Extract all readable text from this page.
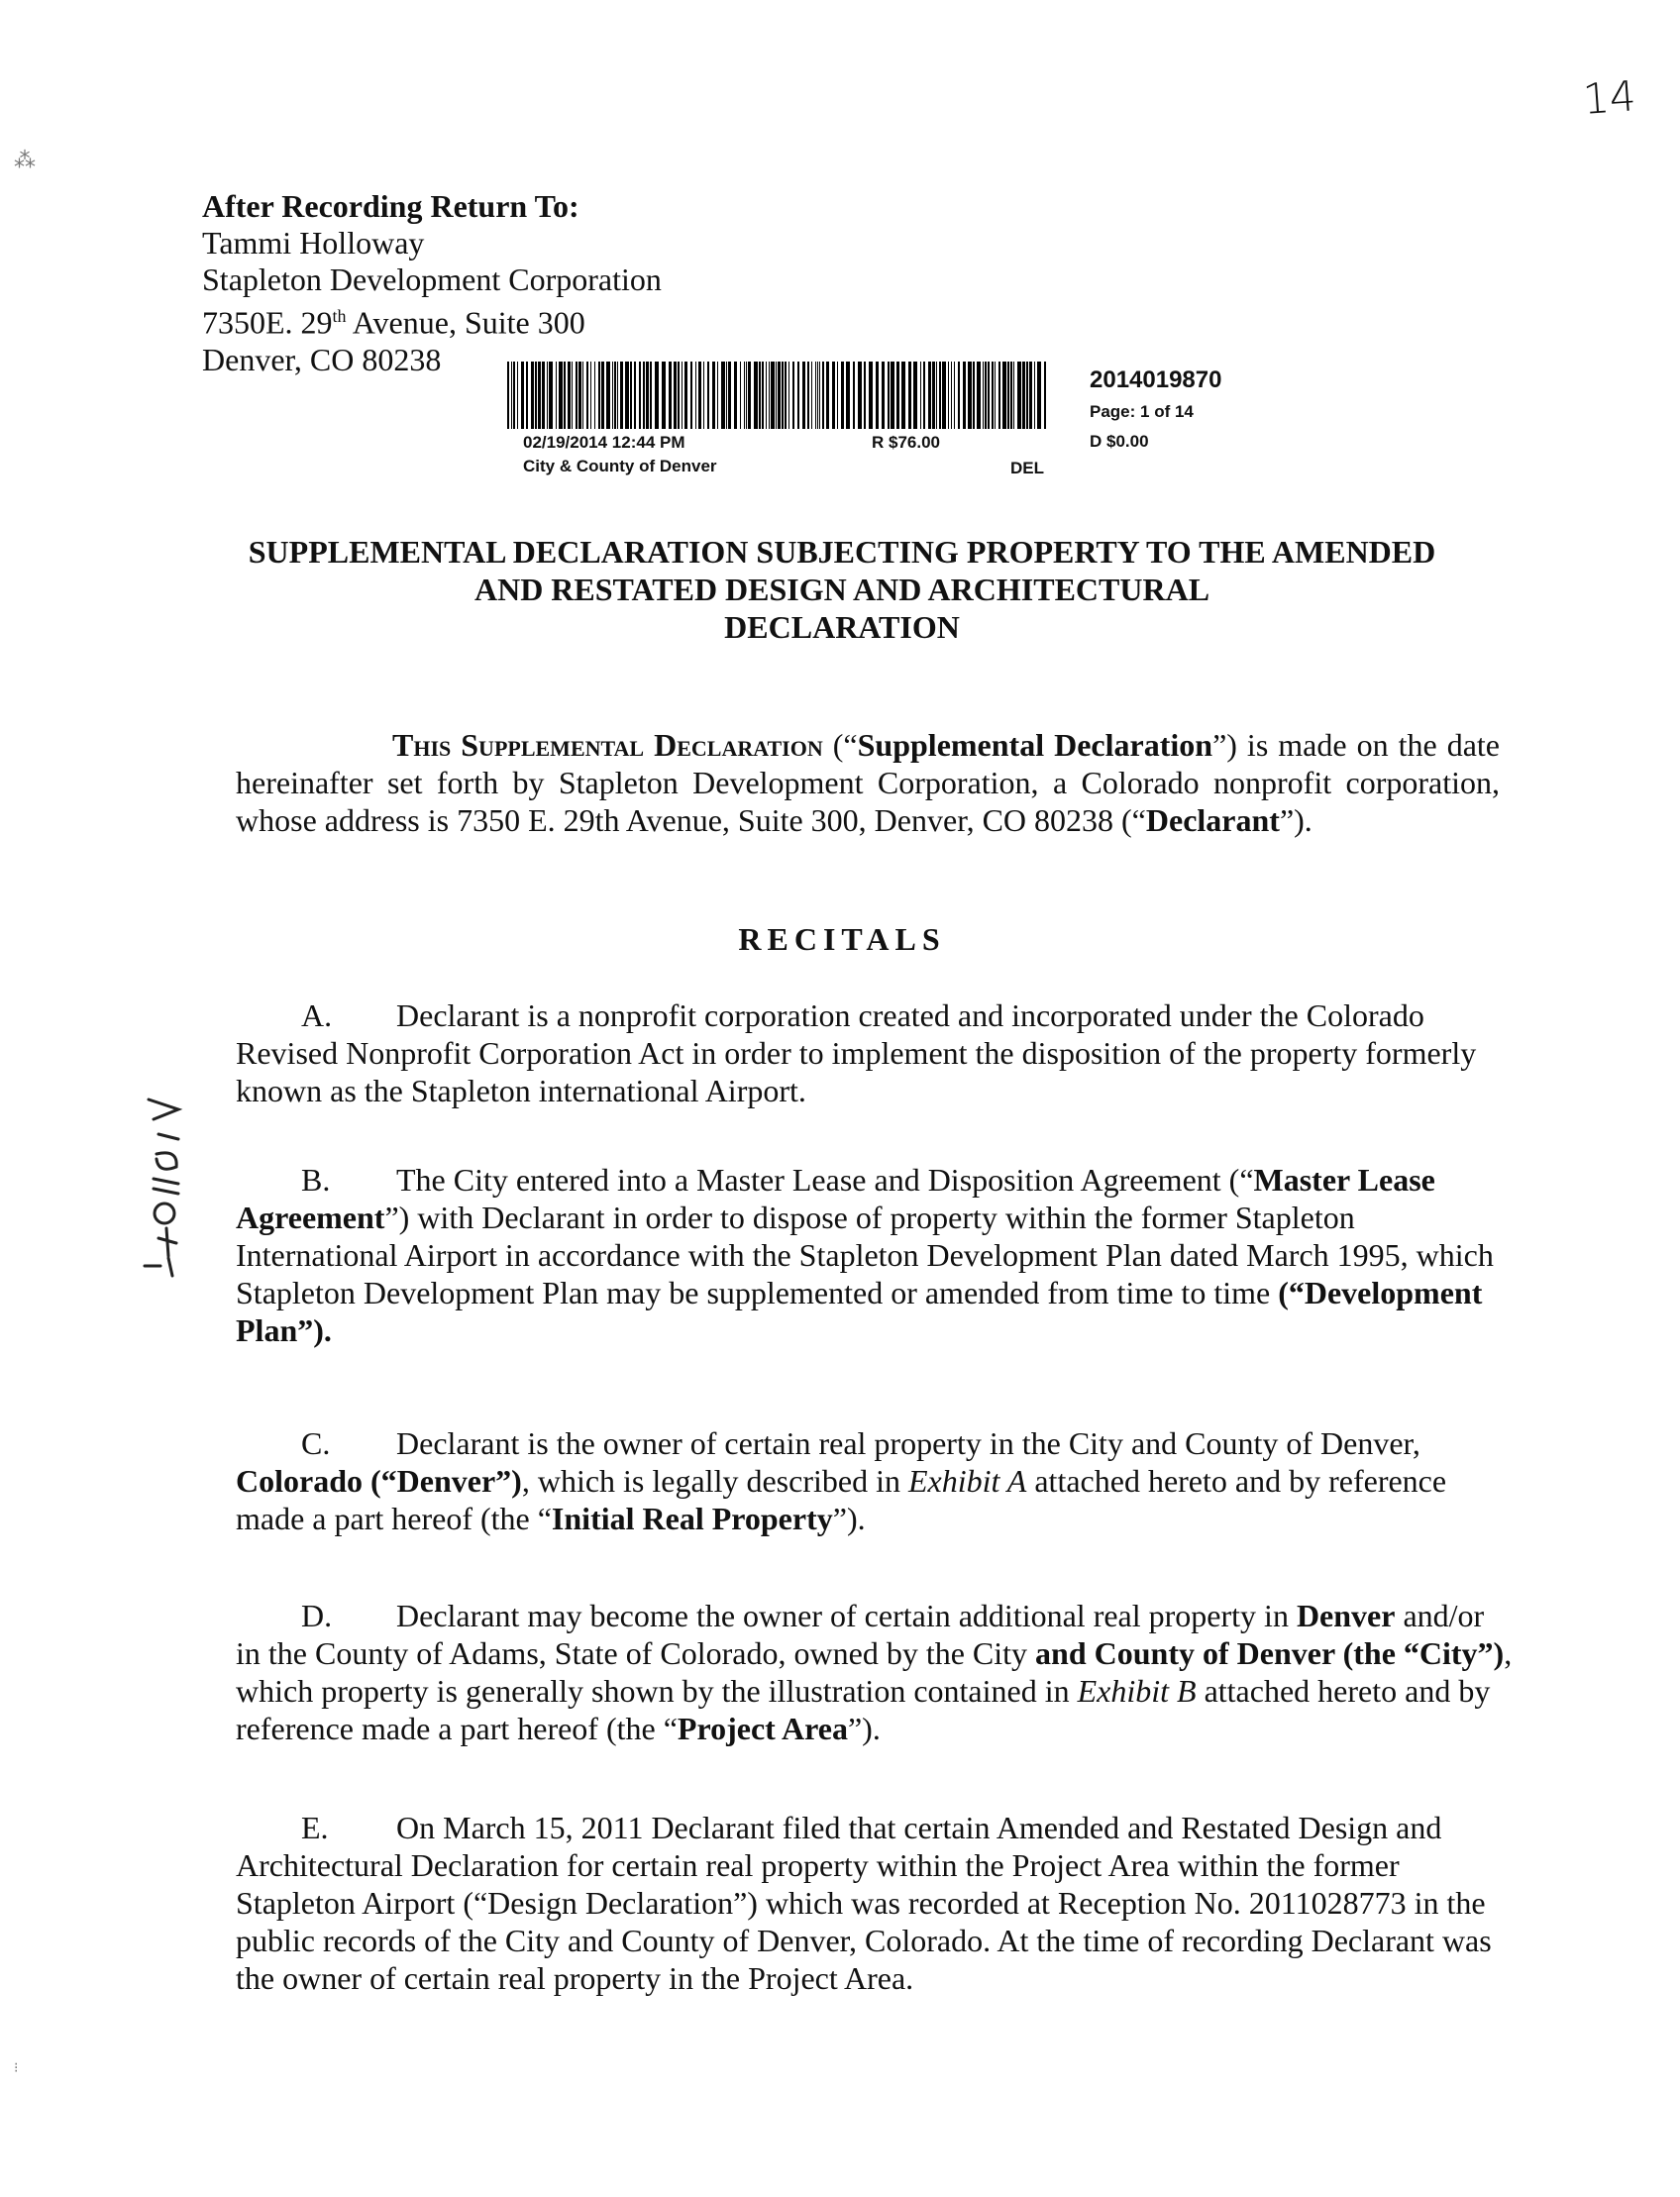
14
⁂
⁝
After Recording Return To:
Tammi Holloway
Stapleton Development Corporation
7350E. 29th Avenue, Suite 300
Denver, CO 80238
02/19/2014 12:44 PM	R $76.00
City & County of Denver	DEL
2014019870
Page: 1 of 14
D $0.00
SUPPLEMENTAL DECLARATION SUBJECTING PROPERTY TO THE AMENDED
AND RESTATED DESIGN AND ARCHITECTURAL
DECLARATION
This Supplemental Declaration (“Supplemental Declaration”) is made on the date hereinafter set forth by Stapleton Development Corporation, a Colorado nonprofit corporation, whose address is 7350 E. 29th Avenue, Suite 300, Denver, CO 80238 (“Declarant”).
RECITALS
A. Declarant is a nonprofit corporation created and incorporated under the Colorado Revised Nonprofit Corporation Act in order to implement the disposition of the property formerly known as the Stapleton international Airport.
B. The City entered into a Master Lease and Disposition Agreement (“Master Lease Agreement”) with Declarant in order to dispose of property within the former Stapleton International Airport in accordance with the Stapleton Development Plan dated March 1995, which Stapleton Development Plan may be supplemented or amended from time to time (“Development Plan”).
C. Declarant is the owner of certain real property in the City and County of Denver, Colorado (“Denver”), which is legally described in Exhibit A attached hereto and by reference made a part hereof (the “Initial Real Property”).
D. Declarant may become the owner of certain additional real property in Denver and/or in the County of Adams, State of Colorado, owned by the City and County of Denver (the “City”), which property is generally shown by the illustration contained in Exhibit B attached hereto and by reference made a part hereof (the “Project Area”).
E. On March 15, 2011 Declarant filed that certain Amended and Restated Design and Architectural Declaration for certain real property within the Project Area within the former Stapleton Airport (“Design Declaration”) which was recorded at Reception No. 2011028773 in the public records of the City and County of Denver, Colorado. At the time of recording Declarant was the owner of certain real property in the Project Area.
